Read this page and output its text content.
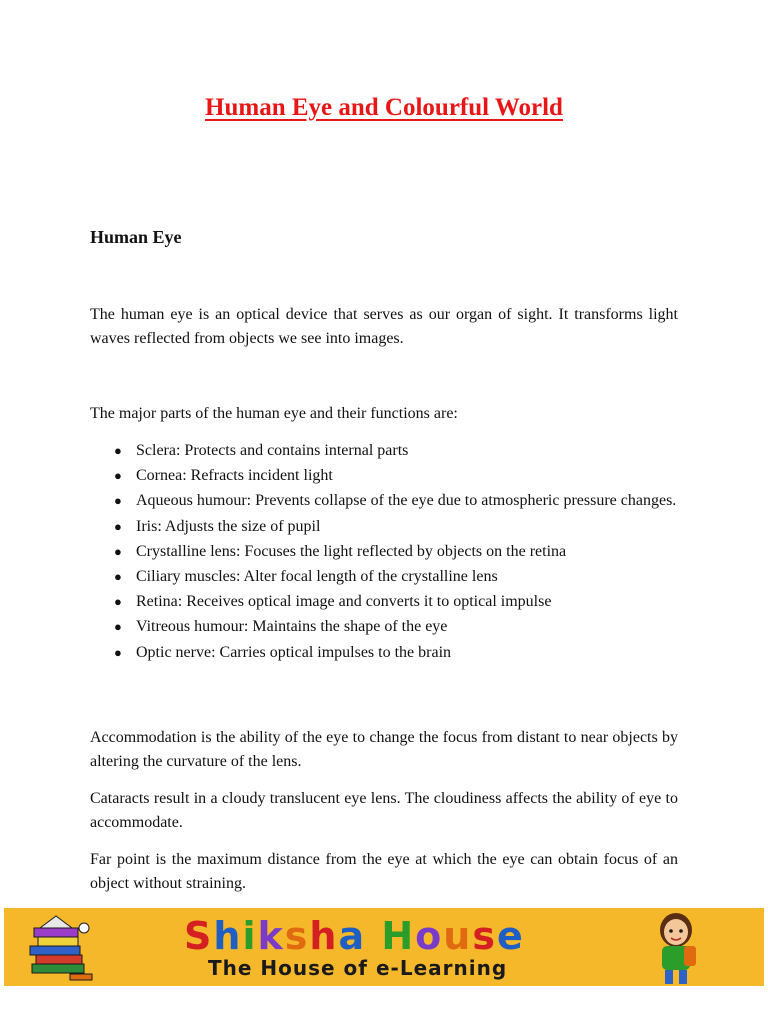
Human Eye and Colourful World
Human Eye

The human eye is an optical device that serves as our organ of sight. It transforms light waves reflected from objects we see into images.

The major parts of the human eye and their functions are:

● Sclera: Protects and contains internal parts
● Cornea: Refracts incident light
● Aqueous humour: Prevents collapse of the eye due to atmospheric pressure changes.
● Iris: Adjusts the size of pupil
● Crystalline lens: Focuses the light reflected by objects on the retina
● Ciliary muscles: Alter focal length of the crystalline lens
● Retina: Receives optical image and converts it to optical impulse
● Vitreous humour: Maintains the shape of the eye
● Optic nerve: Carries optical impulses to the brain

Accommodation is the ability of the eye to change the focus from distant to near objects by altering the curvature of the lens.

Cataracts result in a cloudy translucent eye lens. The cloudiness affects the ability of eye to accommodate.

Far point is the maximum distance from the eye at which the eye can obtain focus of an object without straining.

Shiksha House
The House of e-Learning
